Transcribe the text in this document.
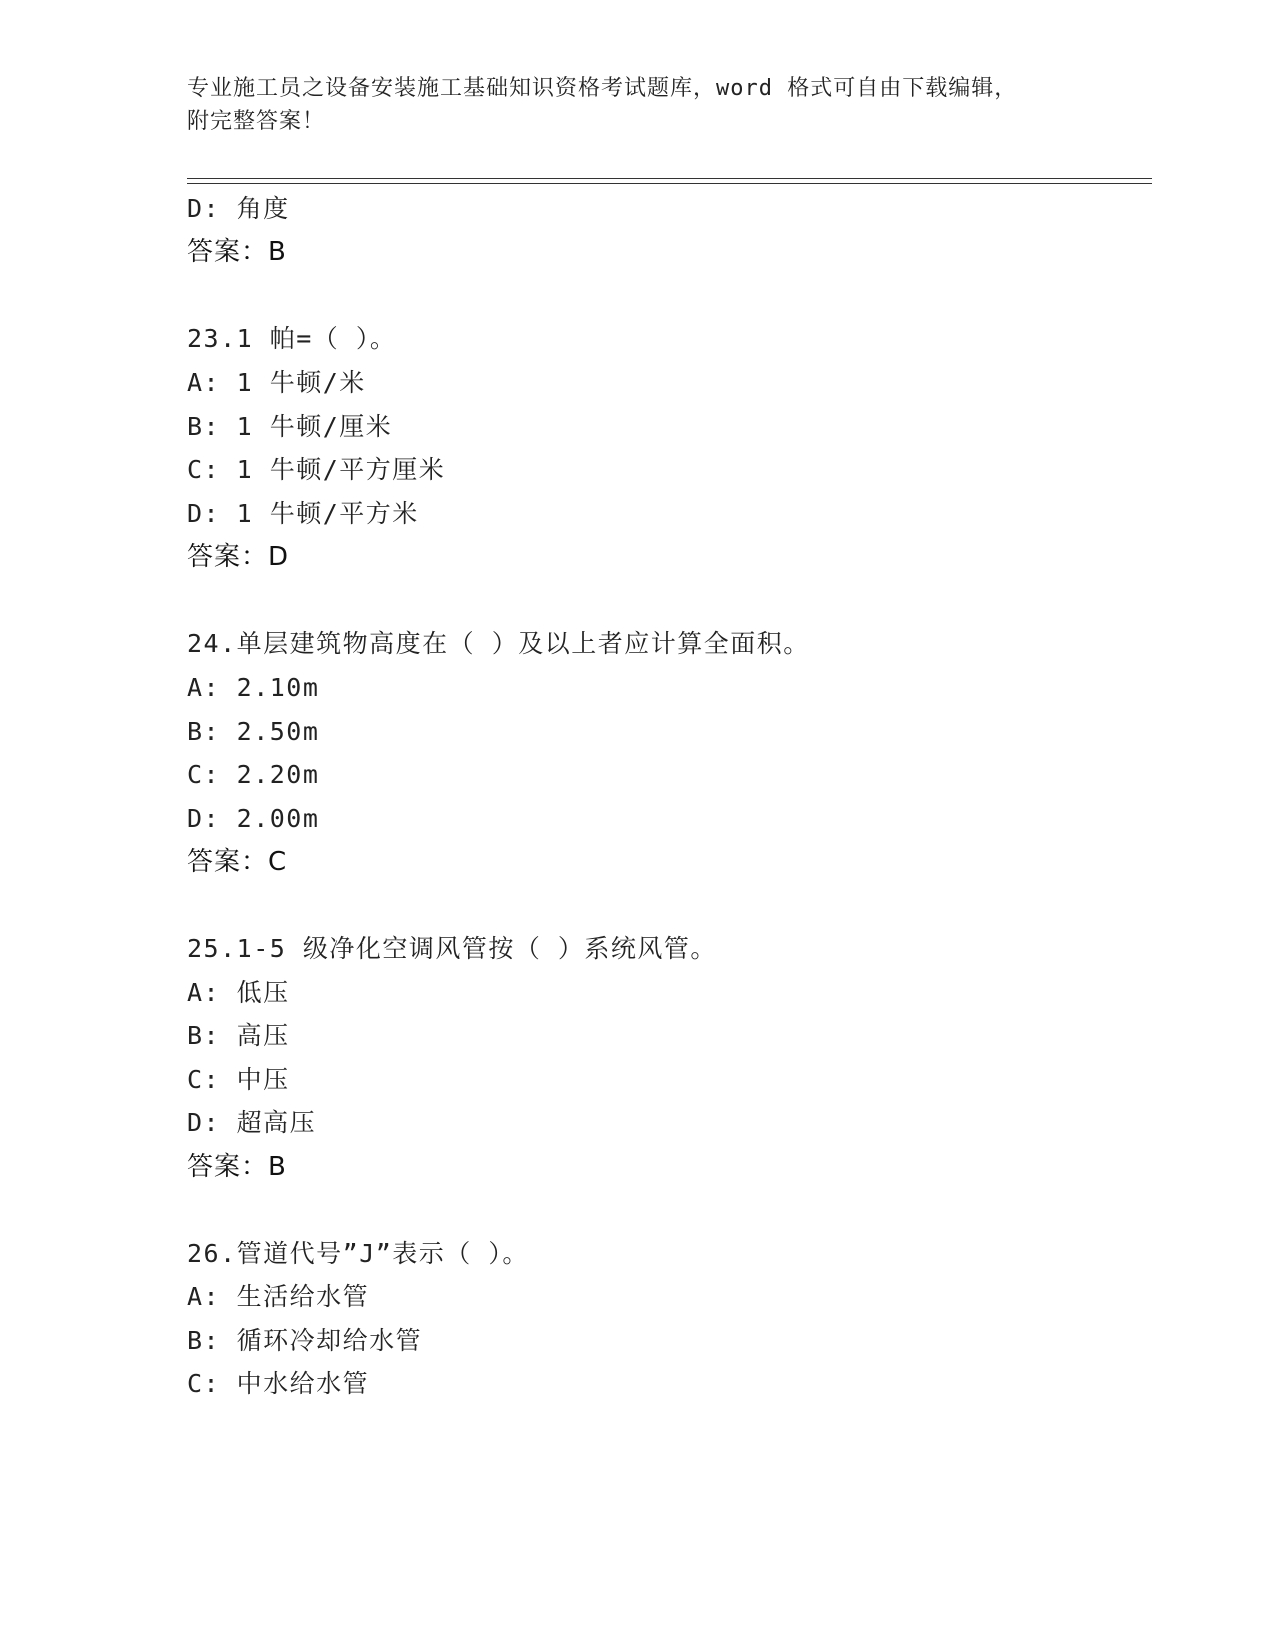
专业施工员之设备安装施工基础知识资格考试题库，word 格式可自由下载编辑，
附完整答案！
D: 角度
答案：B
23.1 帕=（ ）。
A: 1 牛顿/米
B: 1 牛顿/厘米
C: 1 牛顿/平方厘米
D: 1 牛顿/平方米
答案：D
24.单层建筑物高度在（ ）及以上者应计算全面积。
A: 2.10m
B: 2.50m
C: 2.20m
D: 2.00m
答案：C
25.1-5 级净化空调风管按（ ）系统风管。
A: 低压
B: 高压
C: 中压
D: 超高压
答案：B
26.管道代号”J”表示（ ）。
A: 生活给水管
B: 循环冷却给水管
C: 中水给水管
